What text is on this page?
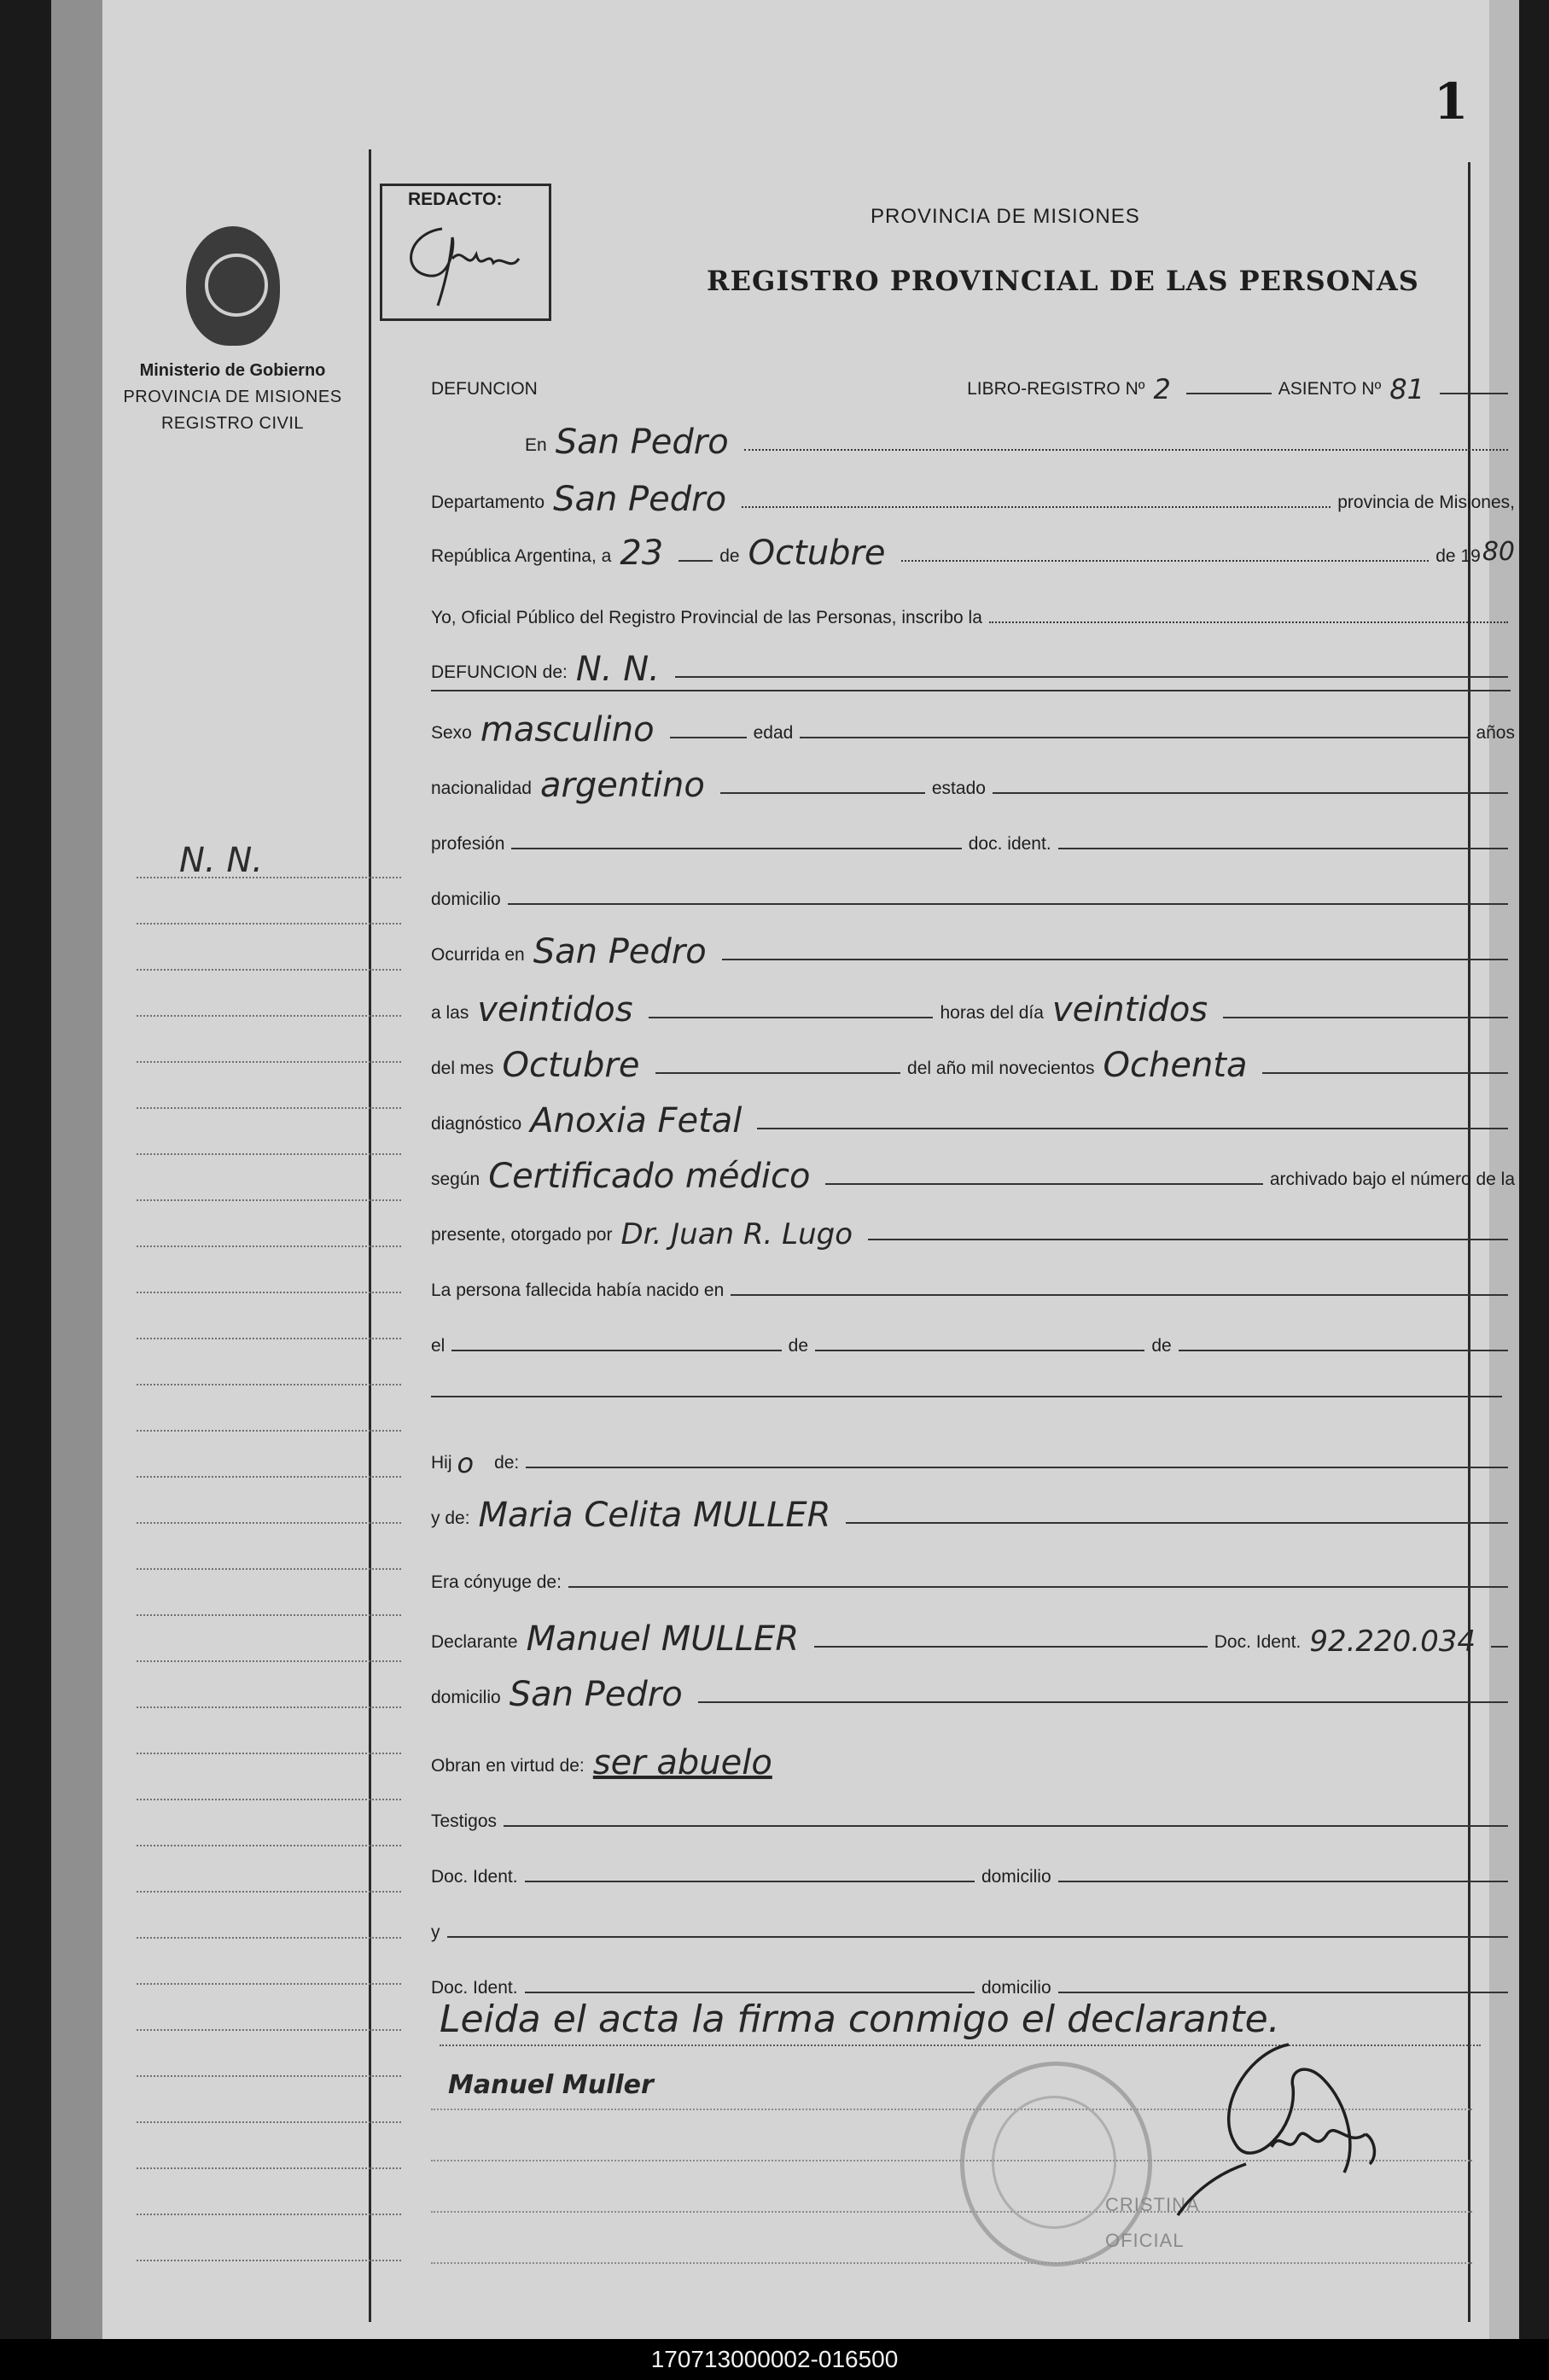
1
Ministerio de Gobierno
PROVINCIA DE MISIONES
REGISTRO CIVIL
N. N.
REDACTO:
PROVINCIA DE MISIONES
REGISTRO PROVINCIAL DE LAS PERSONAS
DEFUNCION	LIBRO-REGISTRO Nº 2	ASIENTO Nº 81
En San Pedro
Departamento San Pedro	provincia de Misiones,
República Argentina, a 23	de Octubre	de 19 80
Yo, Oficial Público del Registro Provincial de las Personas, inscribo la
DEFUNCION de: N. N.
Sexo masculino	edad	años
nacionalidad argentino	estado
profesión	doc. ident.
domicilio
Ocurrida en San Pedro
a las veintidos	horas del día veintidos
del mes Octubre	del año mil novecientos Ochenta
diagnóstico Anoxia Fetal
según Certificado médico	archivado bajo el número de la
presente, otorgado por Dr. Juan R. Lugo
La persona fallecida había nacido en
el	de	de
Hij o de:
y de: Maria Celita MULLER
Era cónyuge de:
Declarante Manuel MULLER	Doc. Ident. 92.220.034
domicilio San Pedro
Obran en virtud de: ser abuelo
Testigos
Doc. Ident.	domicilio
y
Doc. Ident.	domicilio
Leida el acta la firma conmigo el declarante.
Manuel Muller
CRISTINA
OFICIAL
170713000002-016500
